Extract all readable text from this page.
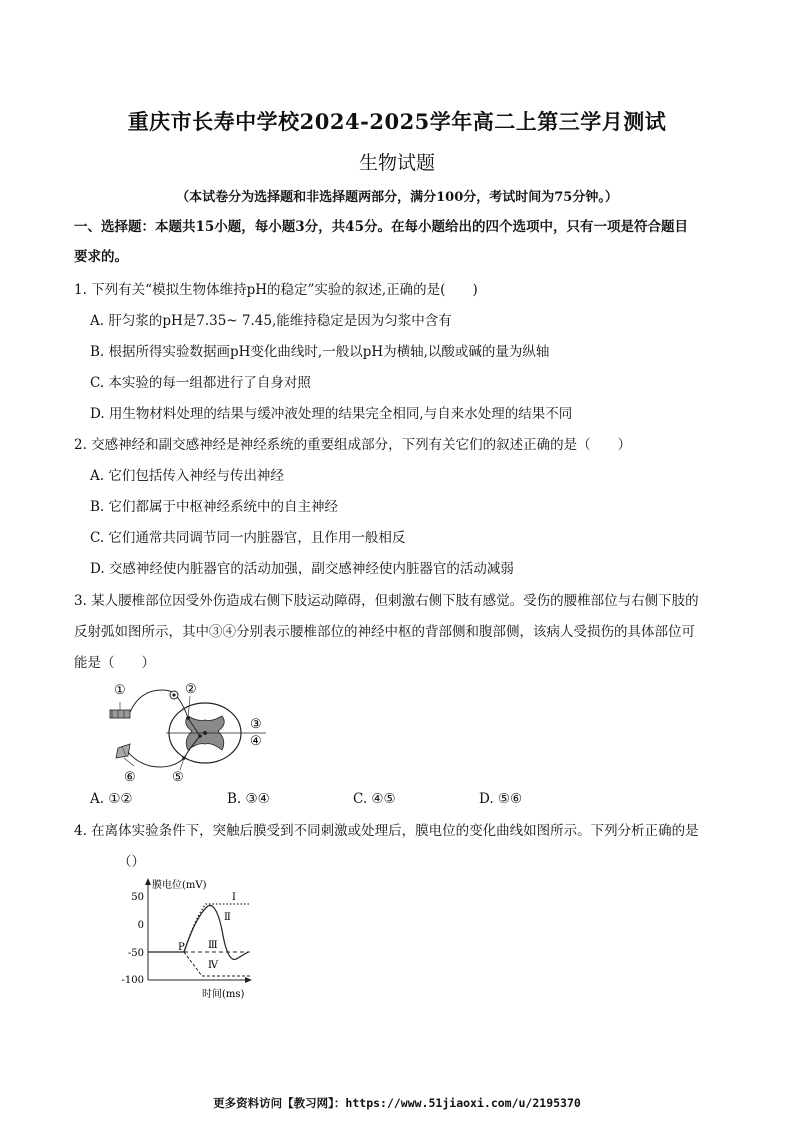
重庆市长寿中学校2024-2025学年高二上第三学月测试
生物试题
（本试卷分为选择题和非选择题两部分，满分100分，考试时间为75分钟。）
一、选择题：本题共15小题，每小题3分，共45分。在每小题给出的四个选项中，只有一项是符合题目
要求的。
1. 下列有关“模拟生物体维持pH的稳定”实验的叙述,正确的是(　　)
A. 肝匀浆的pH是7.35~ 7.45,能维持稳定是因为匀浆中含有
B. 根据所得实验数据画pH变化曲线时,一般以pH为横轴,以酸或碱的量为纵轴
C. 本实验的每一组都进行了自身对照
D. 用生物材料处理的结果与缓冲液处理的结果完全相同,与自来水处理的结果不同
2. 交感神经和副交感神经是神经系统的重要组成部分，下列有关它们的叙述正确的是（　　）
A. 它们包括传入神经与传出神经
B. 它们都属于中枢神经系统中的自主神经
C. 它们通常共同调节同一内脏器官，且作用一般相反
D. 交感神经使内脏器官的活动加强，副交感神经使内脏器官的活动减弱
3. 某人腰椎部位因受外伤造成右侧下肢运动障碍，但刺激右侧下肢有感觉。受伤的腰椎部位与右侧下肢的
反射弧如图所示，其中③④分别表示腰椎部位的神经中枢的背部侧和腹部侧，该病人受损伤的具体部位可
能是（　　）
①	②
③
④
⑤
⑥
A. ①②	B. ③④	C. ④⑤	D. ⑤⑥
4. 在离体实验条件下，突触后膜受到不同刺激或处理后，膜电位的变化曲线如图所示。下列分析正确的是
（）
50
0
-50
-100
膜电位(mV)
时间(ms)
P
Ⅰ
Ⅱ
Ⅲ
Ⅳ
更多资料访问【教习网】：https://www.51jiaoxi.com/u/2195370
